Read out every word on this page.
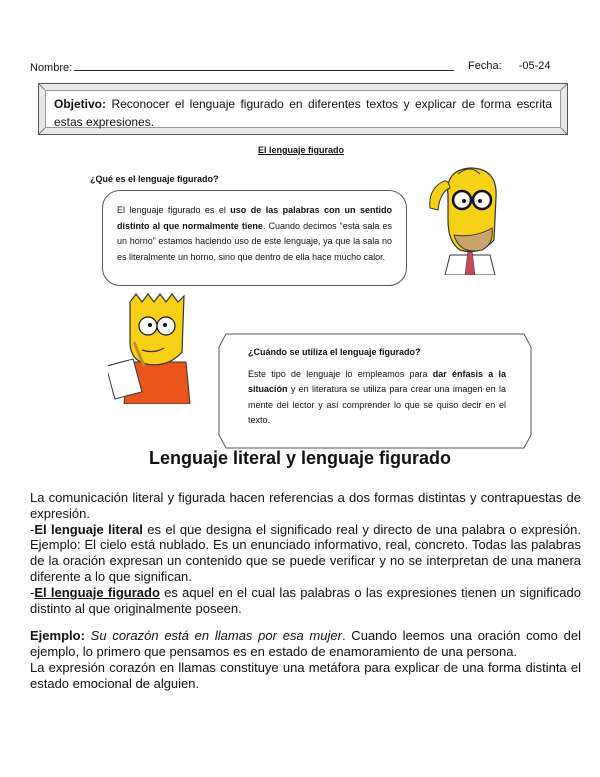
Nombre:	Fecha: -05-24
Objetivo: Reconocer el lenguaje figurado en diferentes textos y explicar de forma escrita estas expresiones.
El lenguaje figurado
¿Qué es el lenguaje figurado?
El lenguaje figurado es el uso de las palabras con un sentido distinto al que normalmente tiene. Cuando decimos “esta sala es un horno” estamos haciendo uso de este lenguaje, ya que la sala no es literalmente un horno, sino que dentro de ella hace mucho calor.
¿Cuándo se utiliza el lenguaje figurado?
Este tipo de lenguaje lo empleamos para dar énfasis a la situación y en literatura se utiliza para crear una imagen en la mente del lector y así comprender lo que se quiso decir en el texto.
Lenguaje literal y lenguaje figurado

La comunicación literal y figurada hacen referencias a dos formas distintas y contrapuestas de expresión.

-El lenguaje literal es el que designa el significado real y directo de una palabra o expresión. Ejemplo: El cielo está nublado. Es un enunciado informativo, real, concreto. Todas las palabras de la oración expresan un contenido que se puede verificar y no se interpretan de una manera diferente a lo que significan.

-El lenguaje figurado es aquel en el cual las palabras o las expresiones tienen un significado distinto al que originalmente poseen.

Ejemplo: Su corazón está en llamas por esa mujer. Cuando leemos una oración como del ejemplo, lo primero que pensamos es en estado de enamoramiento de una persona.

La expresión corazón en llamas constituye una metáfora para explicar de una forma distinta el estado emocional de alguien.
